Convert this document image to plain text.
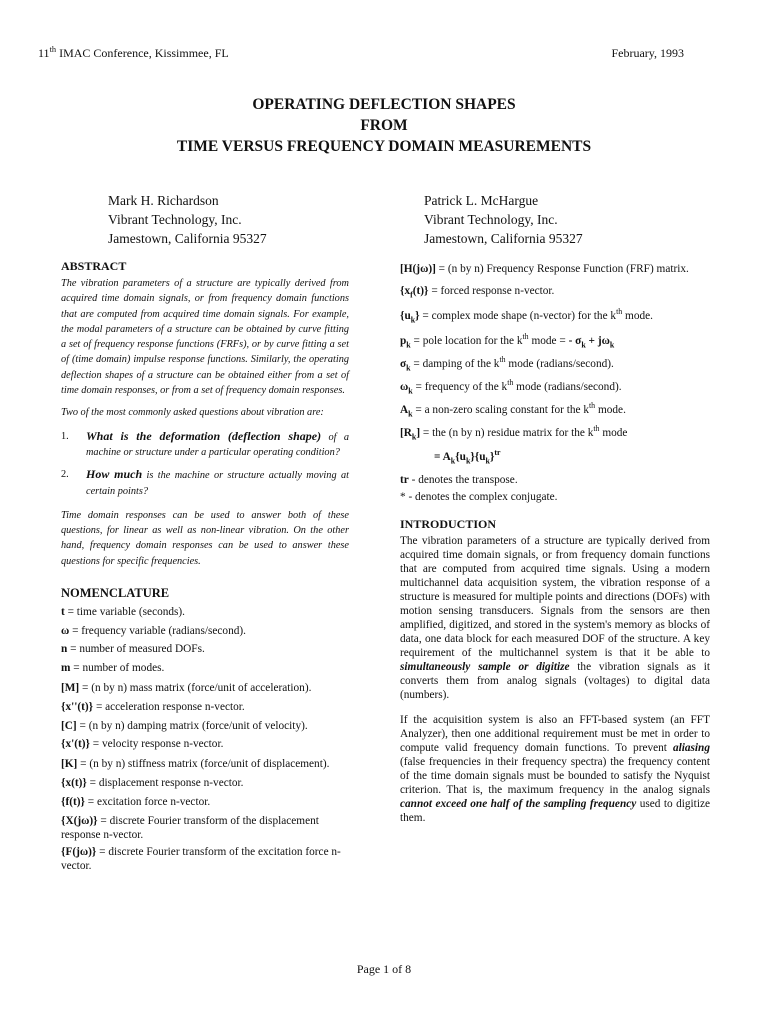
11th IMAC Conference, Kissimmee, FL	February, 1993
OPERATING DEFLECTION SHAPES
FROM
TIME VERSUS FREQUENCY DOMAIN MEASUREMENTS
Mark H. Richardson
Vibrant Technology, Inc.
Jamestown, California 95327
Patrick L. McHargue
Vibrant Technology, Inc.
Jamestown, California 95327
ABSTRACT

The vibration parameters of a structure are typically derived from acquired time domain signals, or from frequency domain functions that are computed from acquired time domain signals. For example, the modal parameters of a structure can be obtained by curve fitting a set of frequency response functions (FRFs), or by curve fitting a set of (time domain) impulse response functions. Similarly, the operating deflection shapes of a structure can be obtained either from a set of time domain responses, or from a set of frequency domain responses.

Two of the most commonly asked questions about vibration are:

1. What is the deformation (deflection shape) of a machine or structure under a particular operating condition?

2. How much is the machine or structure actually moving at certain points?

Time domain responses can be used to answer both of these questions, for linear as well as non-linear vibration. On the other hand, frequency domain responses can be used to answer these questions for specific frequencies.

NOMENCLATURE

t = time variable (seconds).

ω = frequency variable (radians/second).

n = number of measured DOFs.

m = number of modes.

[M] = (n by n) mass matrix (force/unit of acceleration).

{x''(t)} = acceleration response n-vector.

[C] = (n by n) damping matrix (force/unit of velocity).

{x'(t)} = velocity response n-vector.

[K] = (n by n) stiffness matrix (force/unit of displacement).

{x(t)} = displacement response n-vector.

{f(t)} = excitation force n-vector.

{X(jω)} = discrete Fourier transform of the displacement response n-vector.

{F(jω)} = discrete Fourier transform of the excitation force n-vector.

[H(jω)] = (n by n) Frequency Response Function (FRF) matrix.

$\{x_f(t)\}$ = forced response n-vector.

$\{u_k\}$ = complex mode shape (n-vector) for the $k^{th}$ mode.

$p_k$ = pole location for the $k^{th}$ mode = - $\sigma_k + j\omega_k$

$\sigma_k$ = damping of the $k^{th}$ mode (radians/second).

$\omega_k$ = frequency of the $k^{th}$ mode (radians/second).

$A_k = a$ non-zero scaling constant for the $k^{th}$ mode.

$[R_k]$ = the (n by n) residue matrix for the $k^{th}$ mode

= $A_k\{u_k\}\{u_k\}^{tr}$

tr - denotes the transpose.

* - denotes the complex conjugate.

INTRODUCTION

The vibration parameters of a structure are typically derived from acquired time domain signals, or from frequency domain functions that are computed from acquired time signals. Using a modern multichannel data acquisition system, the vibration response of a structure is measured for multiple points and directions (DOFs) with motion sensing transducers. Signals from the sensors are then amplified, digitized, and stored in the system's memory as blocks of data, one data block for each measured DOF of the structure. A key requirement of the multichannel system is that it be able to simultaneously sample or digitize the vibration signals as it converts them from analog signals (voltages) to digital data (numbers).

If the acquisition system is also an FFT-based system (an FFT Analyzer), then one additional requirement must be met in order to compute valid frequency domain functions. To prevent aliasing (false frequencies in their frequency spectra) the frequency content of the time domain signals must be bounded to satisfy the Nyquist criterion. That is, the maximum frequency in the analog signals cannot exceed one half of the sampling frequency used to digitize them.

Page 1 of 8
